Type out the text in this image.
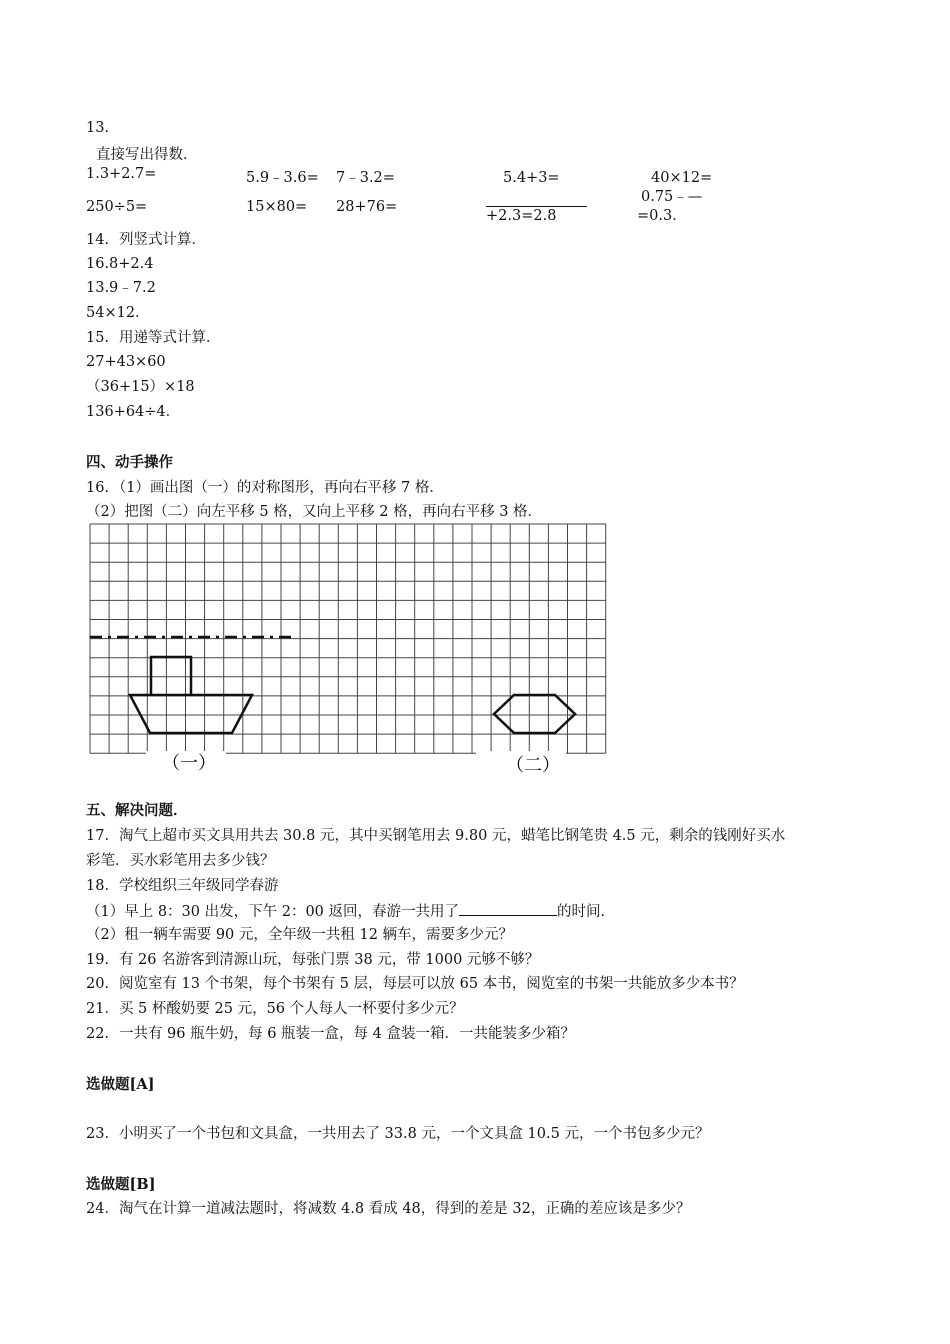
13．
直接写出得数．
1.3+2.7=	5.9﹣3.6= 7﹣3.2=	5.4+3=	40×12=
250÷5=	15×80= 28+76=
+2.3=2.8
0.75﹣—
=0.3．
14．列竖式计算．
16.8+2.4
13.9﹣7.2
54×12．
15．用递等式计算．
27+43×60
（36+15）×18
136+64÷4．
四、动手操作
16．（1）画出图（一）的对称图形，再向右平移 7 格．
（2）把图（二）向左平移 5 格，又向上平移 2 格，再向右平移 3 格．
（一）	（二）
五、解决问题．
17．淘气上超市买文具用共去 30.8 元，其中买钢笔用去 9.80 元，蜡笔比钢笔贵 4.5 元，剩余的钱刚好买水
彩笔．买水彩笔用去多少钱？
18．学校组织三年级同学春游
（1）早上 8：30 出发，下午 2：00 返回，春游一共用了	的时间．
（2）租一辆车需要 90 元，全年级一共租 12 辆车，需要多少元？
19．有 26 名游客到清源山玩，每张门票 38 元，带 1000 元够不够？
20．阅览室有 13 个书架，每个书架有 5 层，每层可以放 65 本书，阅览室的书架一共能放多少本书？
21．买 5 杯酸奶要 25 元，56 个人每人一杯要付多少元？
22．一共有 96 瓶牛奶，每 6 瓶装一盒，每 4 盒装一箱．一共能装多少箱？
选做题[A]
23．小明买了一个书包和文具盒，一共用去了 33.8 元，一个文具盒 10.5 元，一个书包多少元？
选做题[B]
24．淘气在计算一道减法题时，将减数 4.8 看成 48，得到的差是 32，正确的差应该是多少？
